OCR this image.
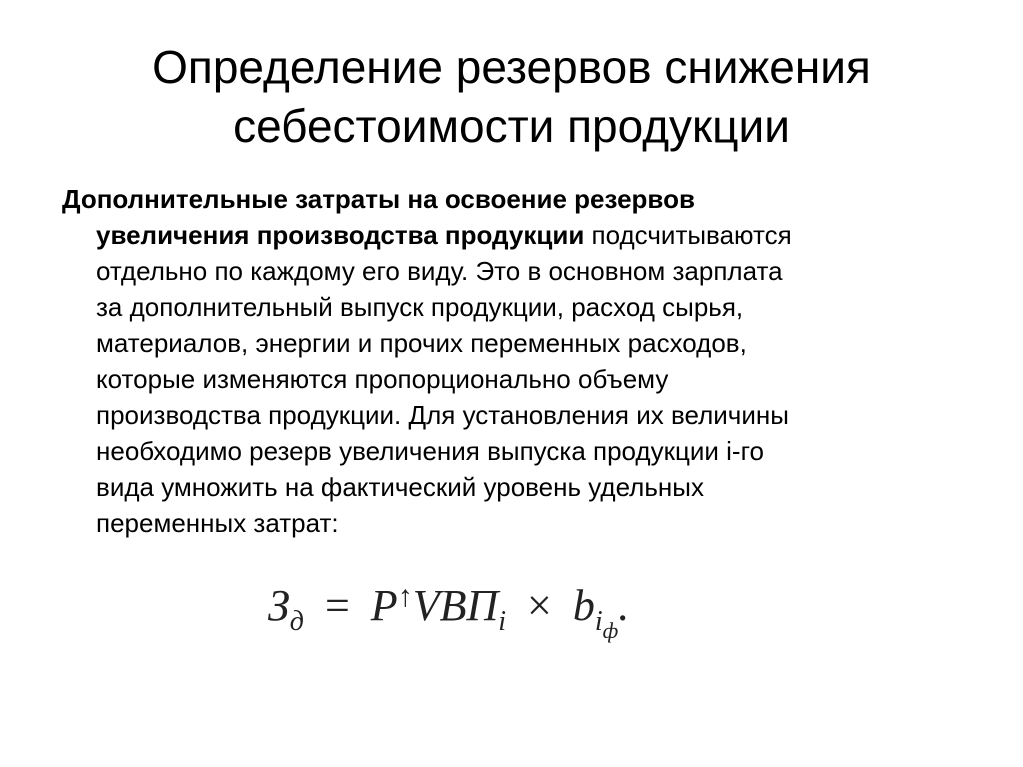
Определение резервов снижения
себестоимости продукции
Дополнительные затраты на освоение резервов
увеличения производства продукции подсчитываются
отдельно по каждому его виду. Это в основном зарплата
за дополнительный выпуск продукции, расход сырья,
материалов, энергии и прочих переменных расходов,
которые изменяются пропорционально объему
производства продукции. Для установления их величины
необходимо резерв увеличения выпуска продукции i-го
вида умножить на фактический уровень удельных
переменных затрат:
$З_д = Р^↑VВП_i \times b_{iф}$.
